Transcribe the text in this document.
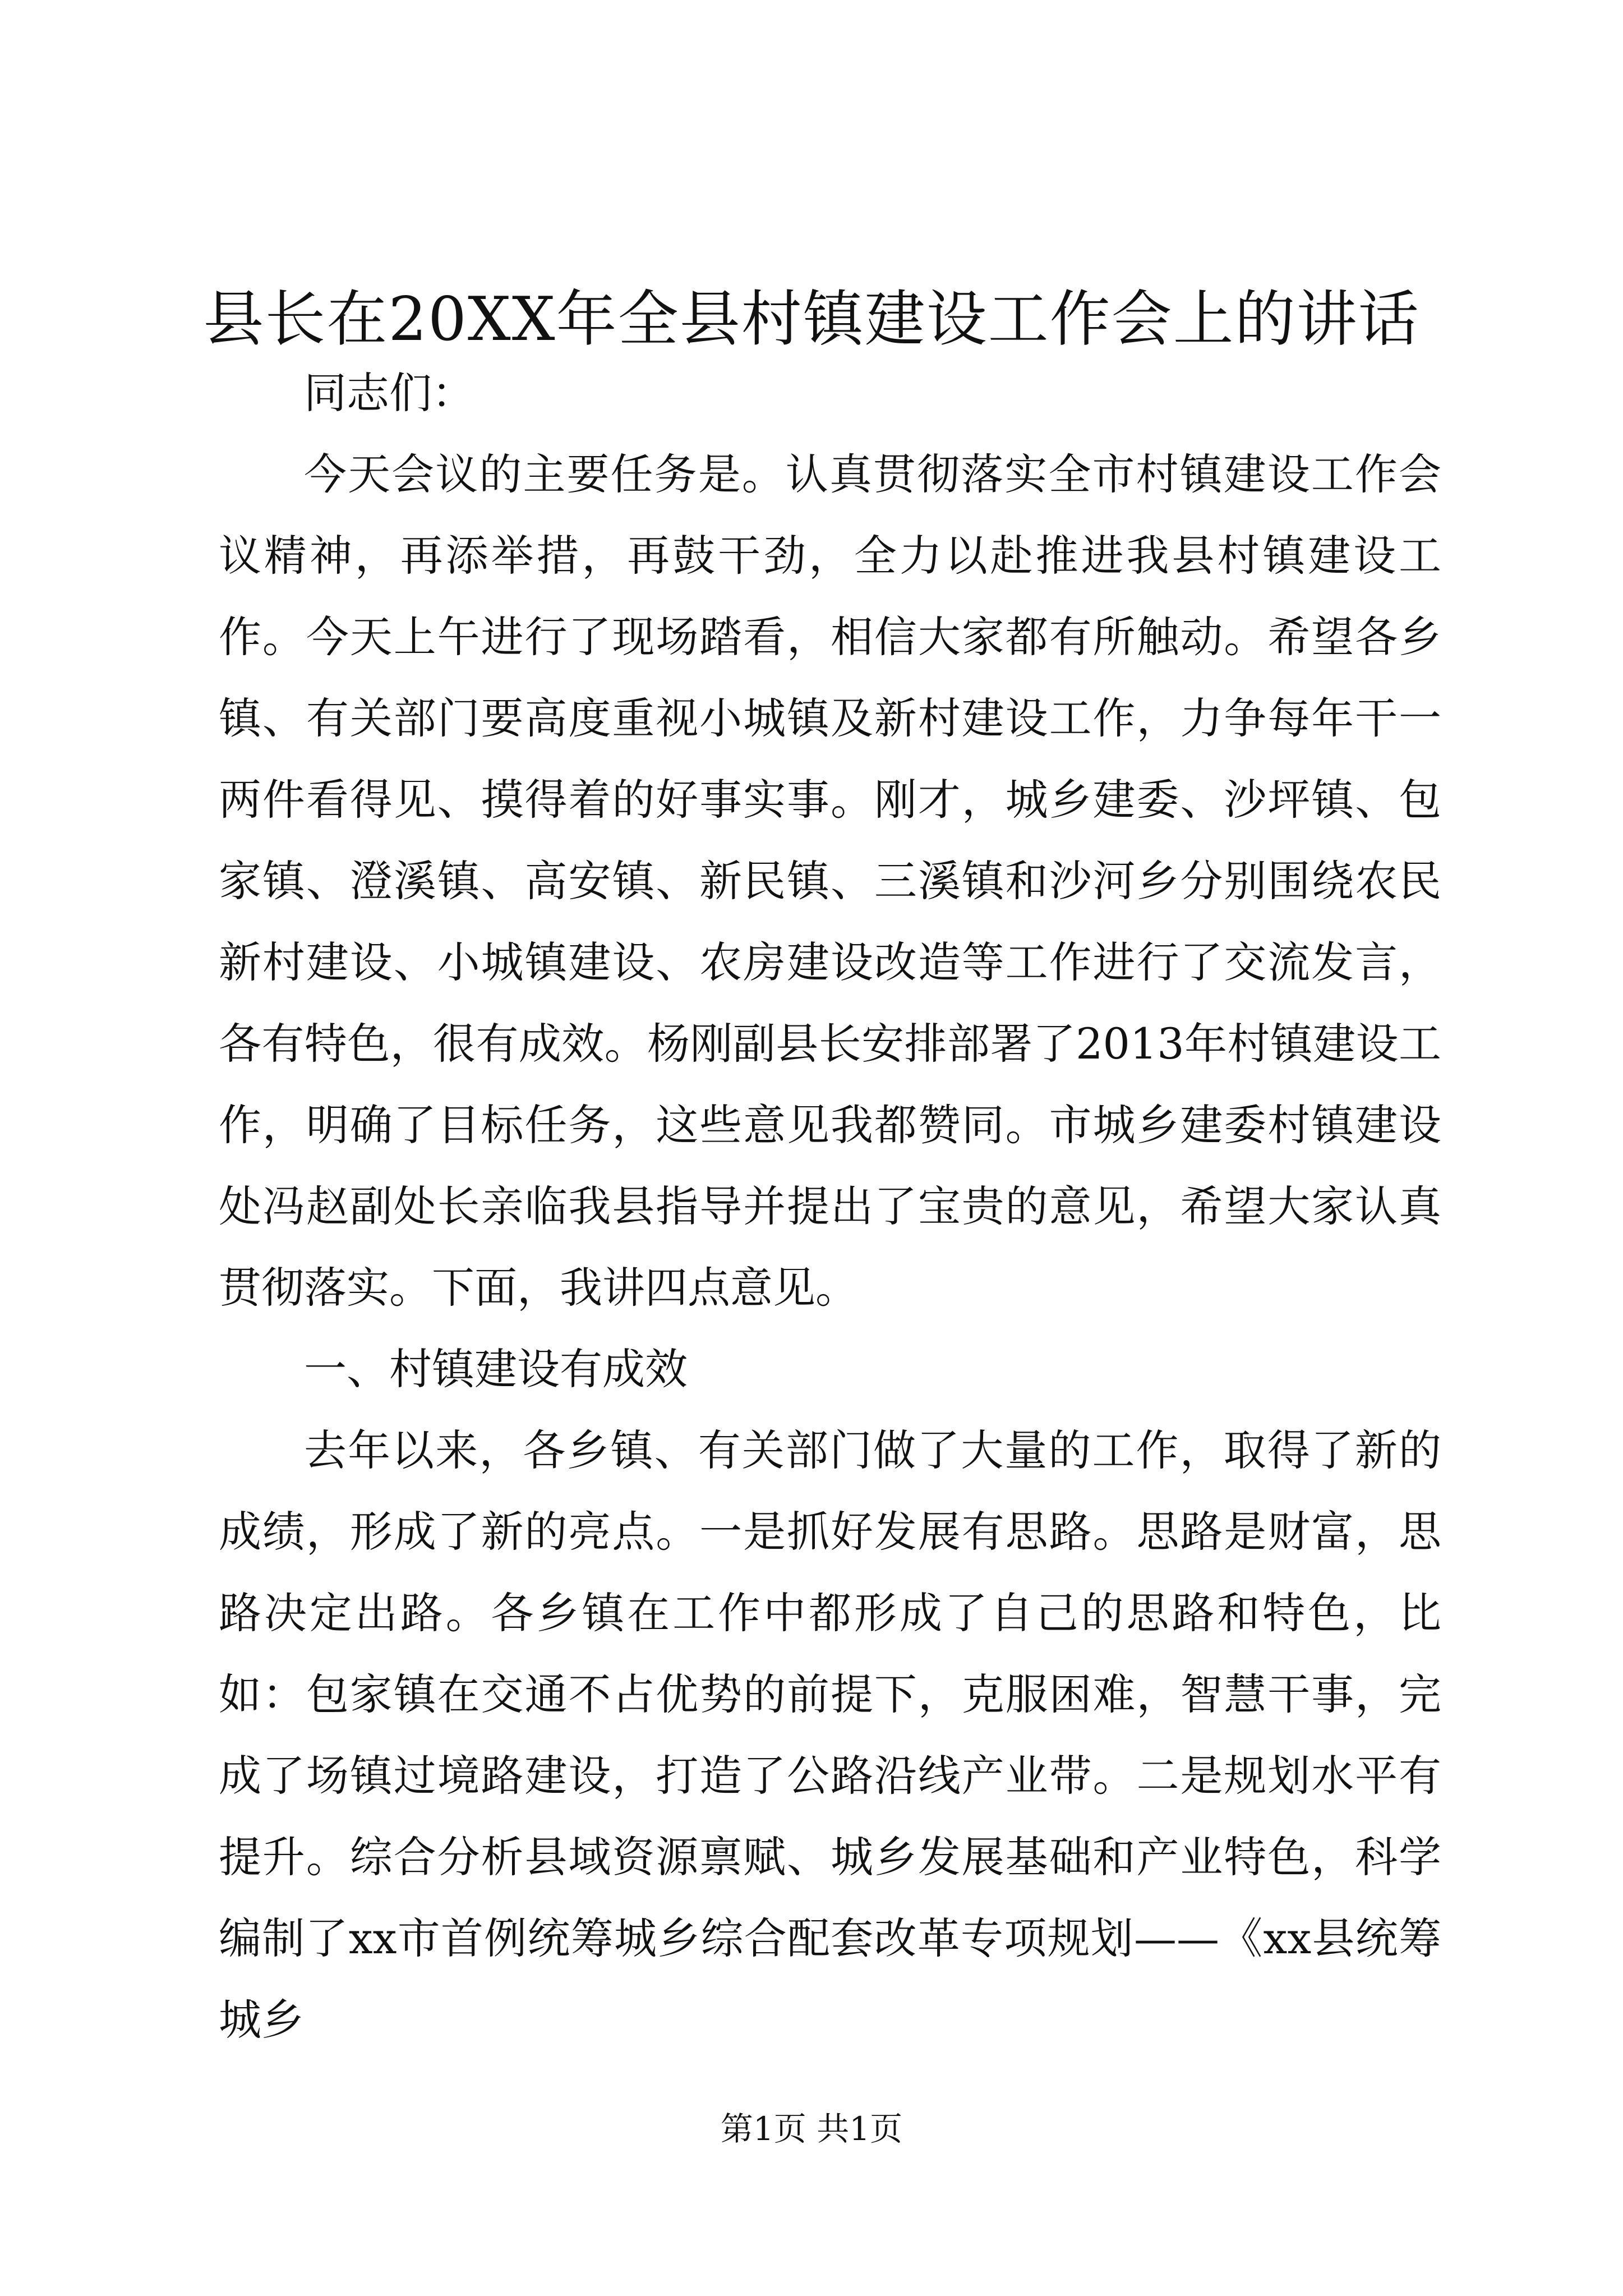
县长在20XX年全县村镇建设工作会上的讲话

同志们：

今天会议的主要任务是。认真贯彻落实全市村镇建设工作会议精神，再添举措，再鼓干劲，全力以赴推进我县村镇建设工作。今天上午进行了现场踏看，相信大家都有所触动。希望各乡镇、有关部门要高度重视小城镇及新村建设工作，力争每年干一两件看得见、摸得着的好事实事。刚才，城乡建委、沙坪镇、包家镇、澄溪镇、高安镇、新民镇、三溪镇和沙河乡分别围绕农民新村建设、小城镇建设、农房建设改造等工作进行了交流发言，各有特色，很有成效。杨刚副县长安排部署了2013年村镇建设工作，明确了目标任务，这些意见我都赞同。市城乡建委村镇建设处冯赵副处长亲临我县指导并提出了宝贵的意见，希望大家认真贯彻落实。下面，我讲四点意见。

一、村镇建设有成效

去年以来，各乡镇、有关部门做了大量的工作，取得了新的成绩，形成了新的亮点。一是抓好发展有思路。思路是财富，思路决定出路。各乡镇在工作中都形成了自己的思路和特色，比如：包家镇在交通不占优势的前提下，克服困难，智慧干事，完成了场镇过境路建设，打造了公路沿线产业带。二是规划水平有提升。综合分析县域资源禀赋、城乡发展基础和产业特色，科学编制了xx市首例统筹城乡综合配套改革专项规划——《xx县统筹城乡

第1页 共1页
